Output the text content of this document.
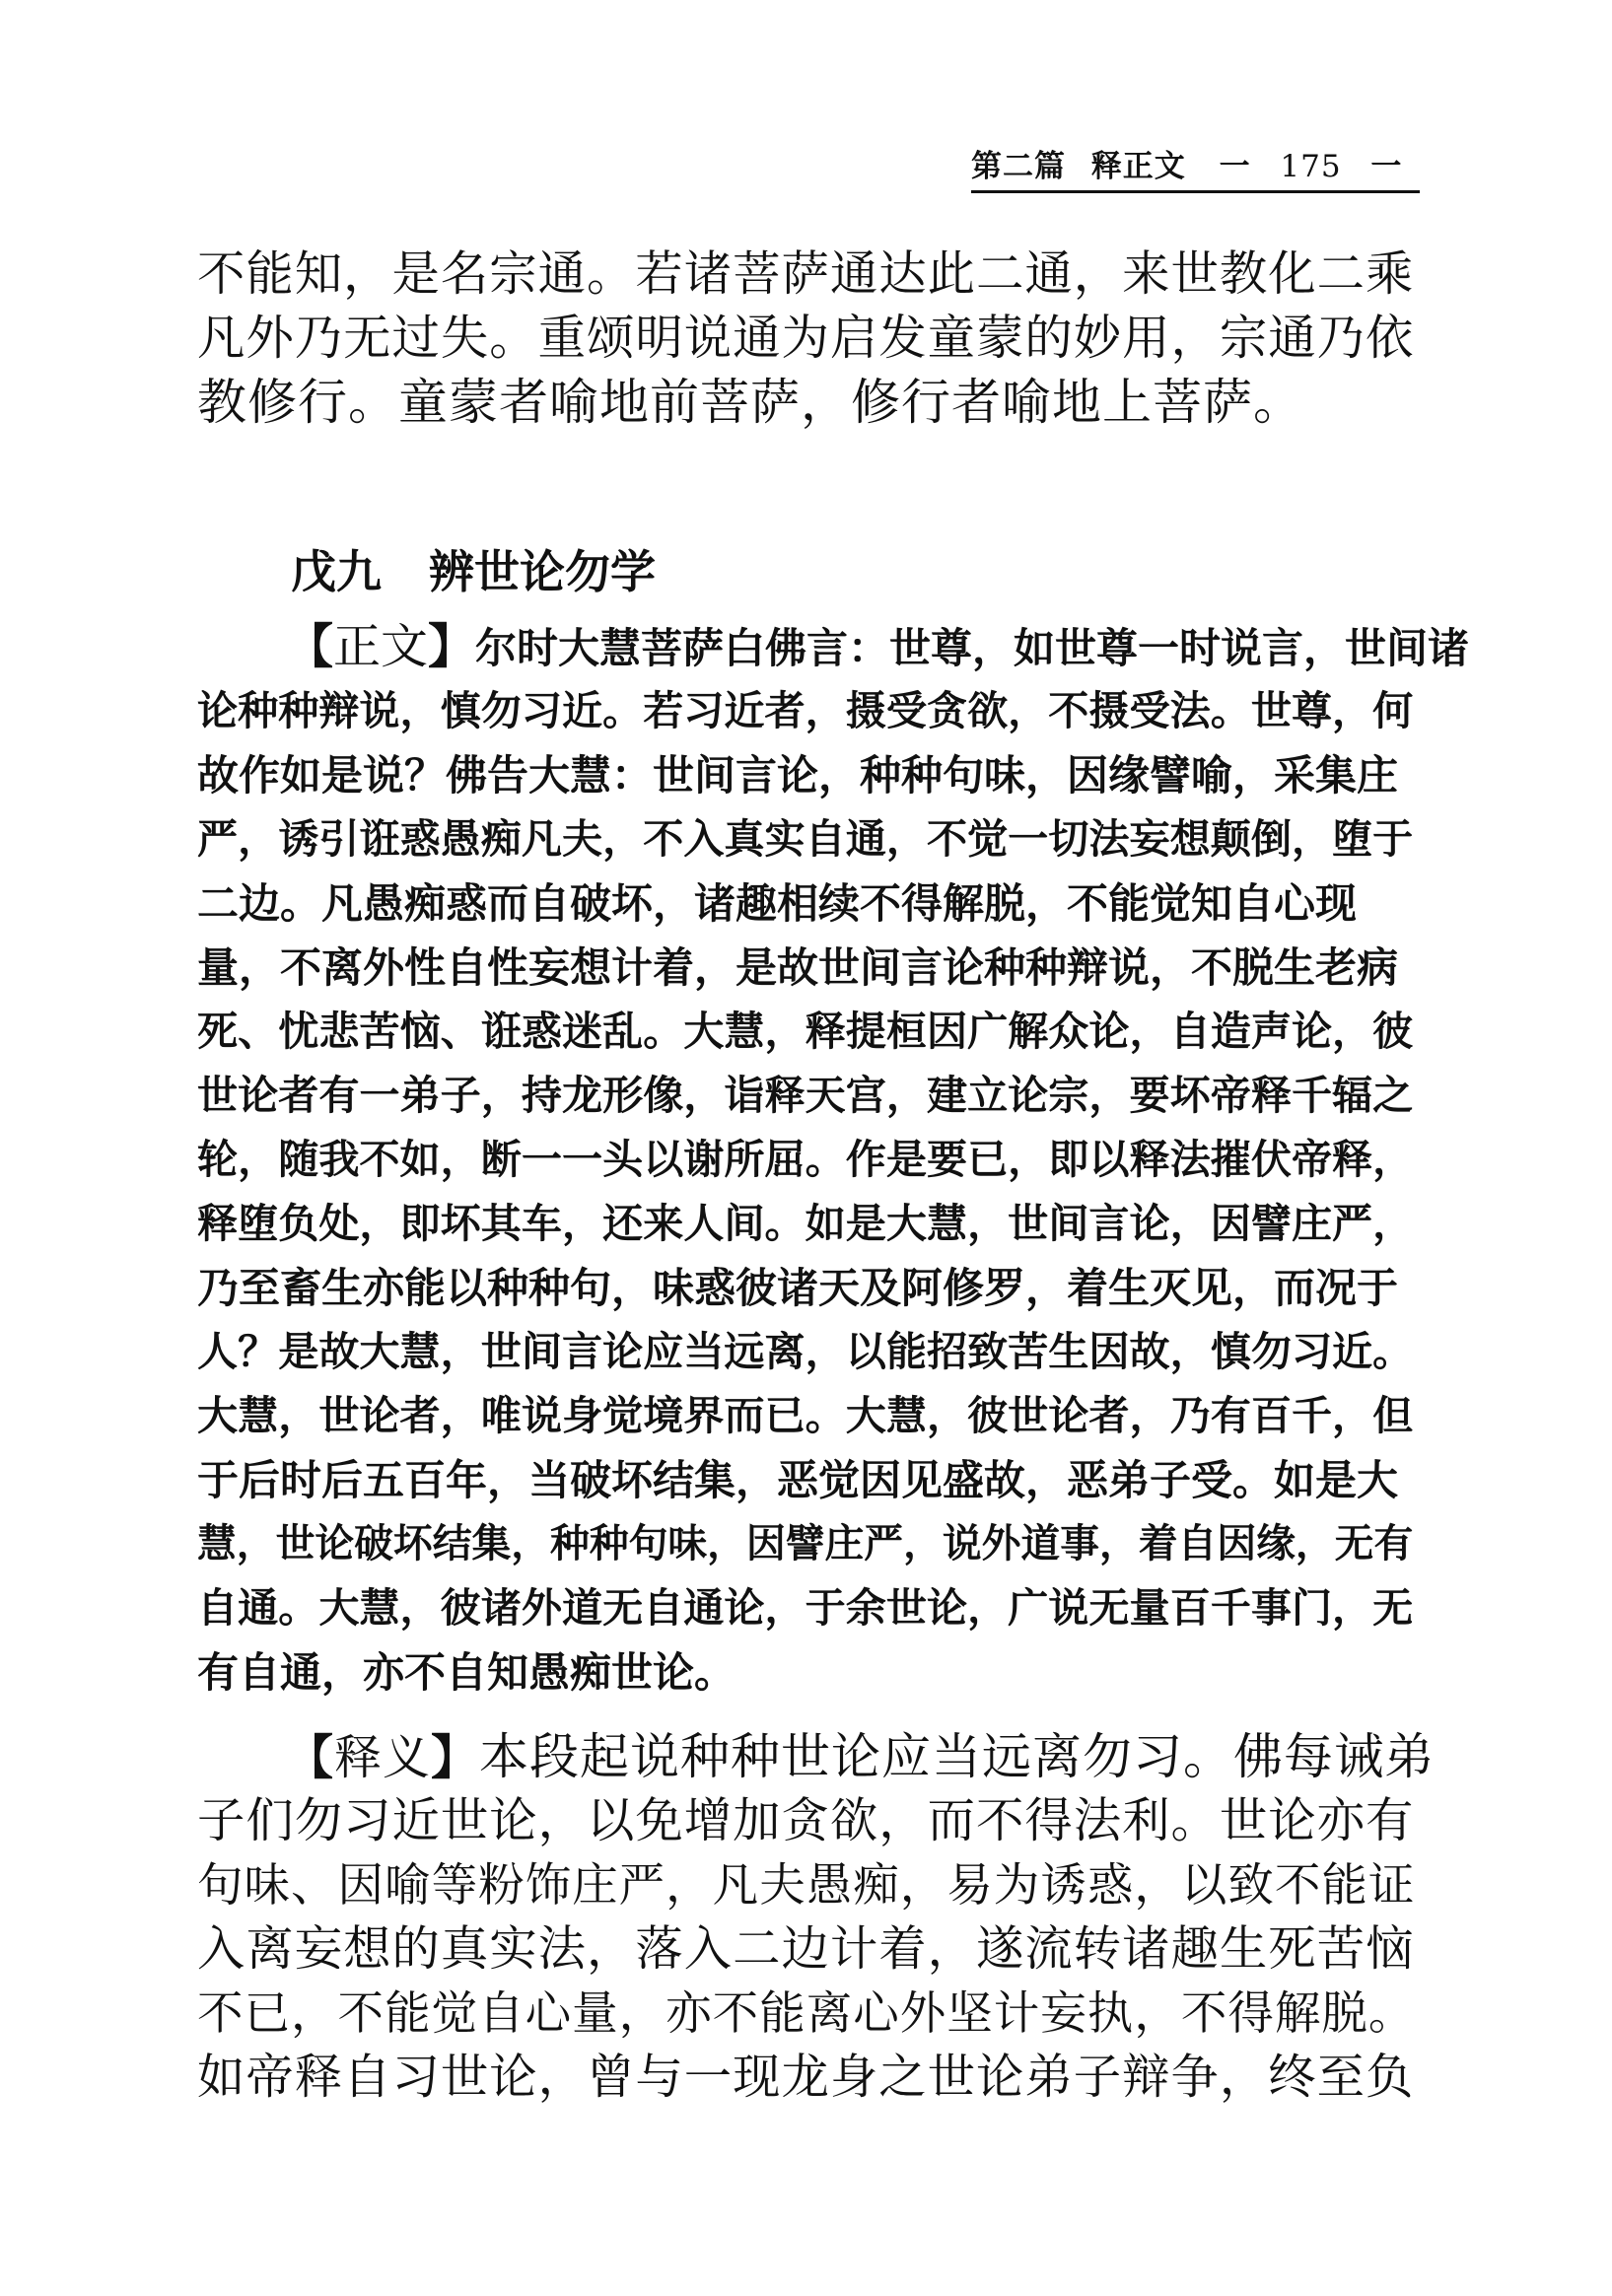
第二篇 释正文 一 175 一
不能知，是名宗通。若诸菩萨通达此二通，来世教化二乘
凡外乃无过失。重颂明说通为启发童蒙的妙用，宗通乃依
教修行。童蒙者喻地前菩萨，修行者喻地上菩萨。
戊九 辨世论勿学
【正文】尔时大慧菩萨白佛言：世尊，如世尊一时说言，世间诸
论种种辩说，慎勿习近。若习近者，摄受贪欲，不摄受法。世尊，何
故作如是说？佛告大慧：世间言论，种种句味，因缘譬喻，采集庄
严，诱引诳惑愚痴凡夫，不入真实自通，不觉一切法妄想颠倒，堕于
二边。凡愚痴惑而自破坏，诸趣相续不得解脱，不能觉知自心现
量，不离外性自性妄想计着，是故世间言论种种辩说，不脱生老病
死、忧悲苦恼、诳惑迷乱。大慧，释提桓因广解众论，自造声论，彼
世论者有一弟子，持龙形像，诣释天宫，建立论宗，要坏帝释千辐之
轮，随我不如，断一一头以谢所屈。作是要已，即以释法摧伏帝释，
释堕负处，即坏其车，还来人间。如是大慧，世间言论，因譬庄严，
乃至畜生亦能以种种句，味惑彼诸天及阿修罗，着生灭见，而况于
人？是故大慧，世间言论应当远离，以能招致苦生因故，慎勿习近。
大慧，世论者，唯说身觉境界而已。大慧，彼世论者，乃有百千，但
于后时后五百年，当破坏结集，恶觉因见盛故，恶弟子受。如是大
慧，世论破坏结集，种种句味，因譬庄严，说外道事，着自因缘，无有
自通。大慧，彼诸外道无自通论，于余世论，广说无量百千事门，无
有自通，亦不自知愚痴世论。
【释义】本段起说种种世论应当远离勿习。佛每诫弟
子们勿习近世论，以免增加贪欲，而不得法利。世论亦有
句味、因喻等粉饰庄严，凡夫愚痴，易为诱惑，以致不能证
入离妄想的真实法，落入二边计着，遂流转诸趣生死苦恼
不已，不能觉自心量，亦不能离心外坚计妄执，不得解脱。
如帝释自习世论，曾与一现龙身之世论弟子辩争，终至负
